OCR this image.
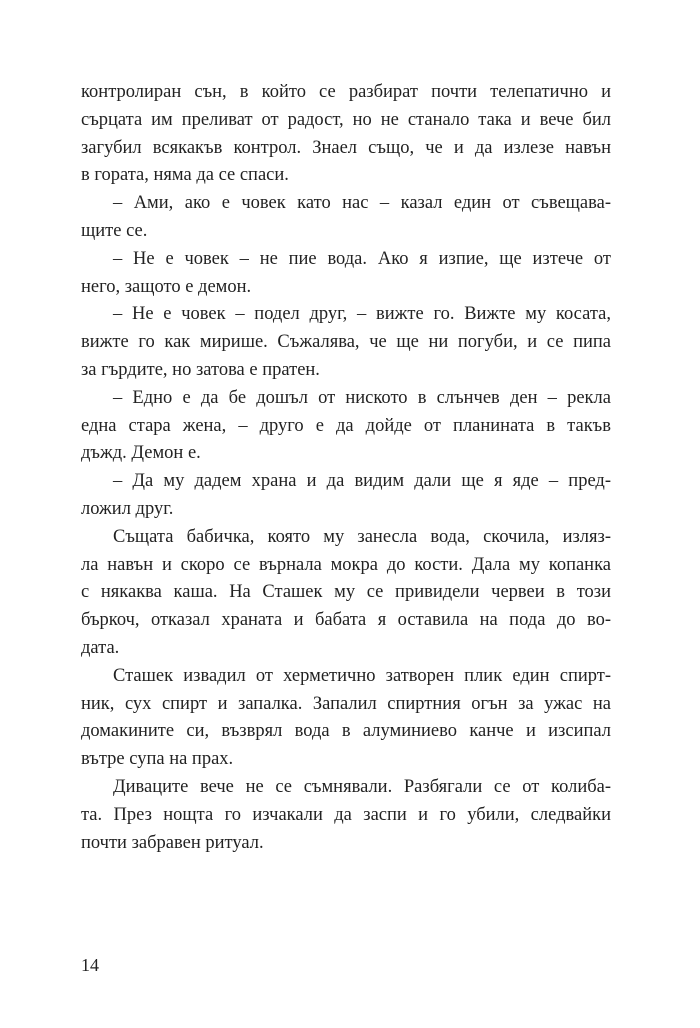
контролиран сън, в който се разбират почти телепатично и
сърцата им преливат от радост, но не станало така и вече бил
загубил всякакъв контрол. Знаел също, че и да излезе навън
в гората, няма да се спаси.
– Ами, ако е човек като нас – казал един от съвещава-
щите се.
– Не е човек – не пие вода. Ако я изпие, ще изтече от
него, защото е демон.
– Не е човек – подел друг, – вижте го. Вижте му косата,
вижте го как мирише. Съжалява, че ще ни погуби, и се пипа
за гърдите, но затова е пратен.
– Едно е да бе дошъл от ниското в слънчев ден – рекла
една стара жена, – друго е да дойде от планината в такъв
дъжд. Демон е.
– Да му дадем храна и да видим дали ще я яде – пред-
ложил друг.
Същата бабичка, която му занесла вода, скочила, изляз-
ла навън и скоро се върнала мокра до кости. Дала му копанка
с някаква каша. На Сташек му се привидели червеи в този
бъркоч, отказал храната и бабата я оставила на пода до во-
дата.
Сташек извадил от херметично затворен плик един спирт-
ник, сух спирт и запалка. Запалил спиртния огън за ужас на
домакините си, възврял вода в алуминиево канче и изсипал
вътре супа на прах.
Диваците вече не се съмнявали. Разбягали се от колиба-
та. През нощта го изчакали да заспи и го убили, следвайки
почти забравен ритуал.
14
